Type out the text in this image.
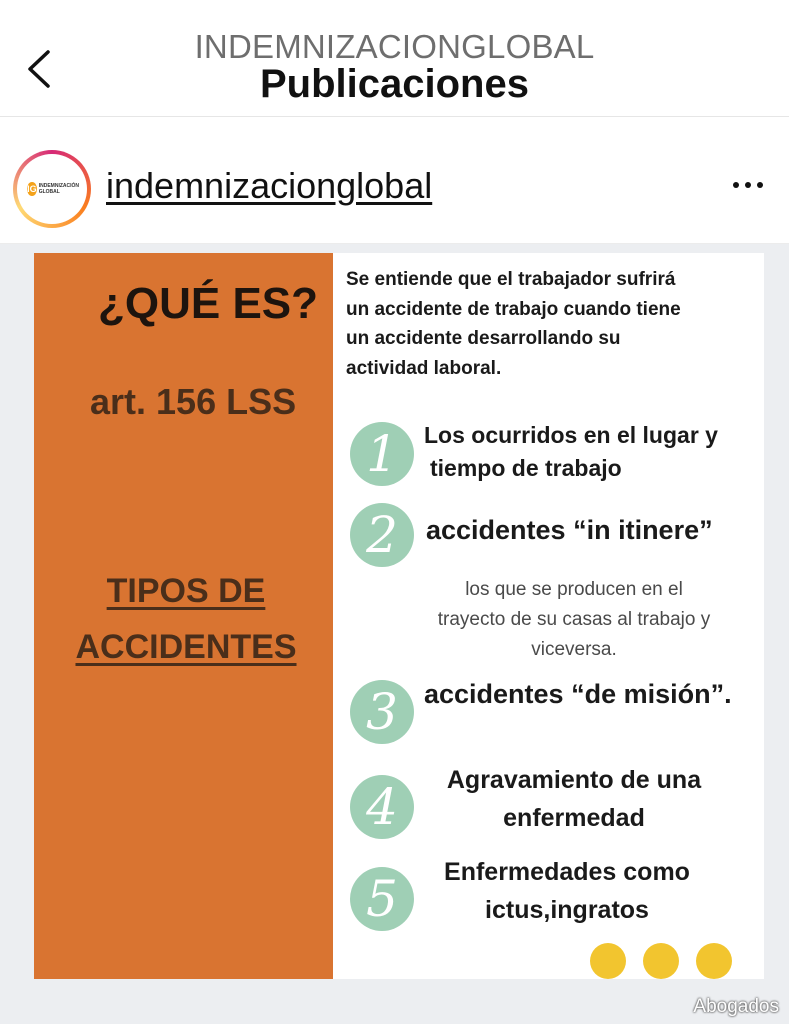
INDEMNIZACIONGLOBAL
Publicaciones
IG INDEMNIZACIÓN
GLOBAL	indemnizacionglobal
¿QUÉ ES?
art. 156 LSS
TIPOS DE
ACCIDENTES
Se entiende que el trabajador sufrirá
un accidente de trabajo cuando tiene
un accidente desarrollando su
actividad laboral.
1	Los ocurridos en el lugar y
tiempo de trabajo
2	accidentes “in itinere”
los que se producen en el
trayecto de su casas al trabajo y
viceversa.
3 accidentes “de misión”.
4	Agravamiento de una
enfermedad
5	Enfermedades como
ictus,ingratos
Abogados
